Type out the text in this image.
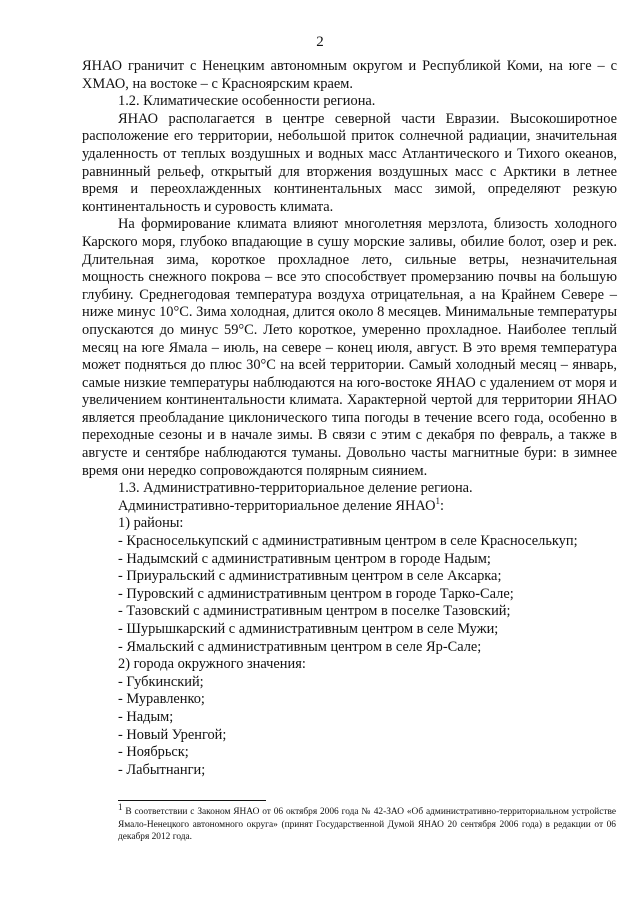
2

ЯНАО граничит с Ненецким автономным округом и Республикой Коми, на юге – с ХМАО, на востоке – с Красноярским краем.

1.2. Климатические особенности региона.

ЯНАО располагается в центре северной части Евразии. Высокоширотное расположение его территории, небольшой приток солнечной радиации, значительная удаленность от теплых воздушных и водных масс Атлантического и Тихого океанов, равнинный рельеф, открытый для вторжения воздушных масс с Арктики в летнее время и переохлажденных континентальных масс зимой, определяют резкую континентальность и суровость климата.

На формирование климата влияют многолетняя мерзлота, близость холодного Карского моря, глубоко впадающие в сушу морские заливы, обилие болот, озер и рек. Длительная зима, короткое прохладное лето, сильные ветры, незначительная мощность снежного покрова – все это способствует промерзанию почвы на большую глубину. Среднегодовая температура воздуха отрицательная, а на Крайнем Севере – ниже минус 10°С. Зима холодная, длится около 8 месяцев. Минимальные температуры опускаются до минус 59°С. Лето короткое, умеренно прохладное. Наиболее теплый месяц на юге Ямала – июль, на севере – конец июля, август. В это время температура может подняться до плюс 30°С на всей территории. Самый холодный месяц – январь, самые низкие температуры наблюдаются на юго-востоке ЯНАО с удалением от моря и увеличением континентальности климата. Характерной чертой для территории ЯНАО является преобладание циклонического типа погоды в течение всего года, особенно в переходные сезоны и в начале зимы. В связи с этим с декабря по февраль, а также в августе и сентябре наблюдаются туманы. Довольно часты магнитные бури: в зимнее время они нередко сопровождаются полярным сиянием.

1.3. Административно-территориальное деление региона.

Административно-территориальное деление ЯНАО$^1$:

1) районы:

- Красноселькупский с административным центром в селе Красноселькуп;

- Надымский с административным центром в городе Надым;

- Приуральский с административным центром в селе Аксарка;

- Пуровский с административным центром в городе Тарко-Сале;

- Тазовский с административным центром в поселке Тазовский;

- Шурышкарский с административным центром в селе Мужи;

- Ямальский с административным центром в селе Яр-Сале;

2) города окружного значения:

- Губкинский;

- Муравленко;

- Надым;

- Новый Уренгой;

- Ноябрьск;

- Лабытнанги;

$^1$ В соответствии с Законом ЯНАО от 06 октября 2006 года № 42-ЗАО «Об административно-территориальном устройстве Ямало-Ненецкого автономного округа» (принят Государственной Думой ЯНАО 20 сентября 2006 года) в редакции от 06 декабря 2012 года.
